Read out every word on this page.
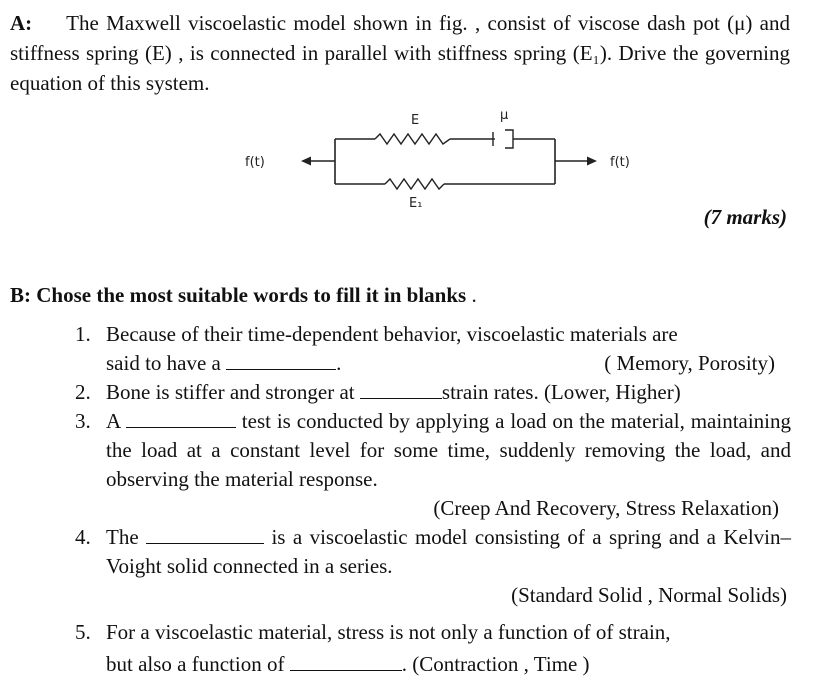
A: The Maxwell viscoelastic model shown in fig. , consist of viscose dash pot (μ) and stiffness spring (E) , is connected in parallel with stiffness spring (E₁). Drive the governing equation of this system.
E	μ
E₁
f(t)	f(t)
(7 marks)
B: Chose the most suitable words to fill it in blanks .
1. Because of their time-dependent behavior, viscoelastic materials are
said to have a	.	( Memory, Porosity)
2. Bone is stiffer and stronger at	strain rates. (Lower, Higher)
3. A	test is conducted by applying a load on the material, maintaining the load at a constant level for some time, suddenly removing the load, and observing the material response.
(Creep And Recovery, Stress Relaxation)
4. The	is a viscoelastic model consisting of a spring and a Kelvin–Voight solid connected in a series.
(Standard Solid , Normal Solids)
5. For a viscoelastic material, stress is not only a function of of strain,
but also a function of	. (Contraction , Time )
